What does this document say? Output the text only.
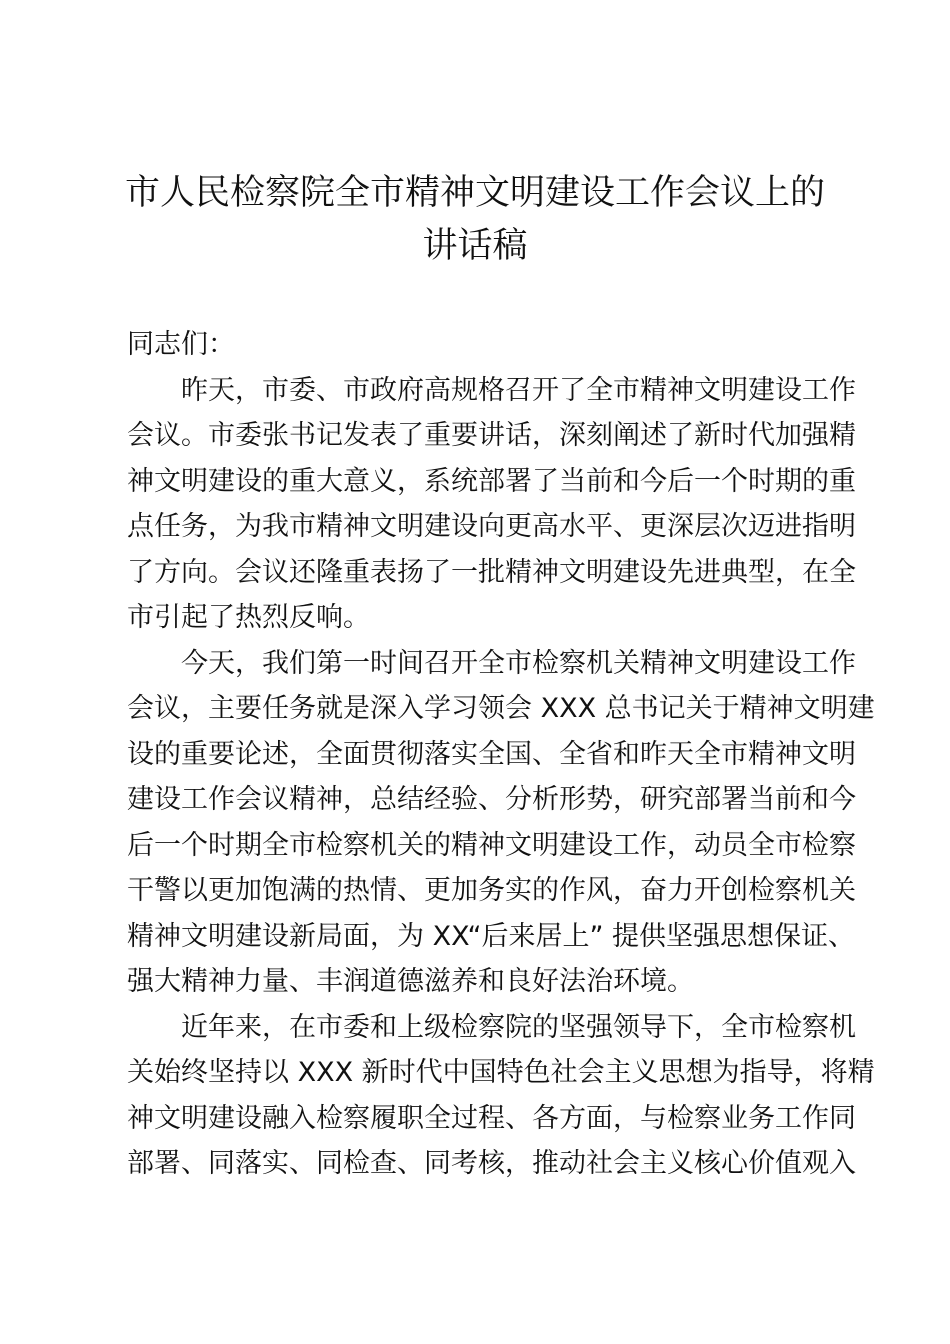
市人民检察院全市精神文明建设工作会议上的
讲话稿

同志们：

昨天，市委、市政府高规格召开了全市精神文明建设工作
会议。市委张书记发表了重要讲话，深刻阐述了新时代加强精
神文明建设的重大意义，系统部署了当前和今后一个时期的重
点任务，为我市精神文明建设向更高水平、更深层次迈进指明
了方向。会议还隆重表扬了一批精神文明建设先进典型，在全
市引起了热烈反响。

今天，我们第一时间召开全市检察机关精神文明建设工作
会议，主要任务就是深入学习领会 XXX 总书记关于精神文明建
设的重要论述，全面贯彻落实全国、全省和昨天全市精神文明
建设工作会议精神，总结经验、分析形势，研究部署当前和今
后一个时期全市检察机关的精神文明建设工作，动员全市检察
干警以更加饱满的热情、更加务实的作风，奋力开创检察机关
精神文明建设新局面，为 XX“后来居上” 提供坚强思想保证、
强大精神力量、丰润道德滋养和良好法治环境。

近年来，在市委和上级检察院的坚强领导下，全市检察机
关始终坚持以 XXX 新时代中国特色社会主义思想为指导，将精
神文明建设融入检察履职全过程、各方面，与检察业务工作同
部署、同落实、同检查、同考核，推动社会主义核心价值观入
